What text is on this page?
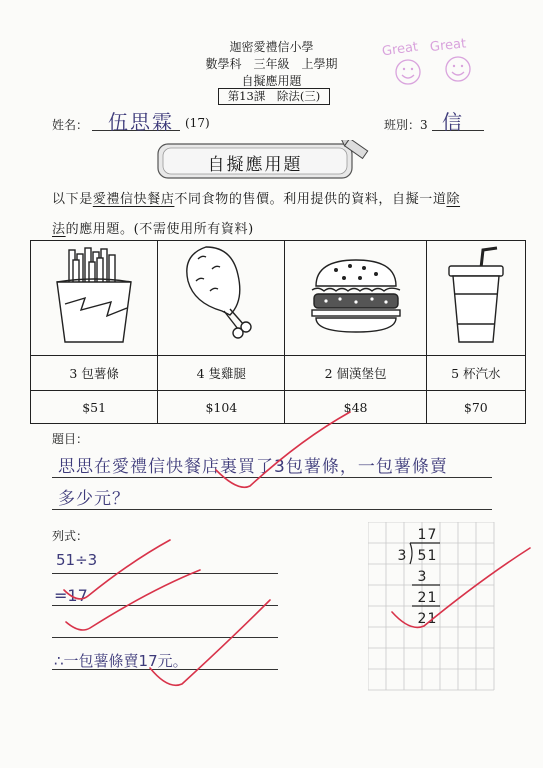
迦密愛禮信小學
數學科　三年級　上學期
自擬應用題
第13課　除法(三)
Great Great
姓名： 伍思霖 (17)	班別：3 信
自擬應用題
以下是愛禮信快餐店不同食物的售價。利用提供的資料，自擬一道除
法的應用題。(不需使用所有資料)

3 包薯條	4 隻雞腿	2 個漢堡包	5 杯汽水
$51	$104	$48	$70
題目：
思思在愛禮信快餐店裏買了3包薯條，一包薯條賣
多少元？
列式：
51÷3
=17
∴一包薯條賣17元。
1 7
3 5 1
3
2 1
2 1
